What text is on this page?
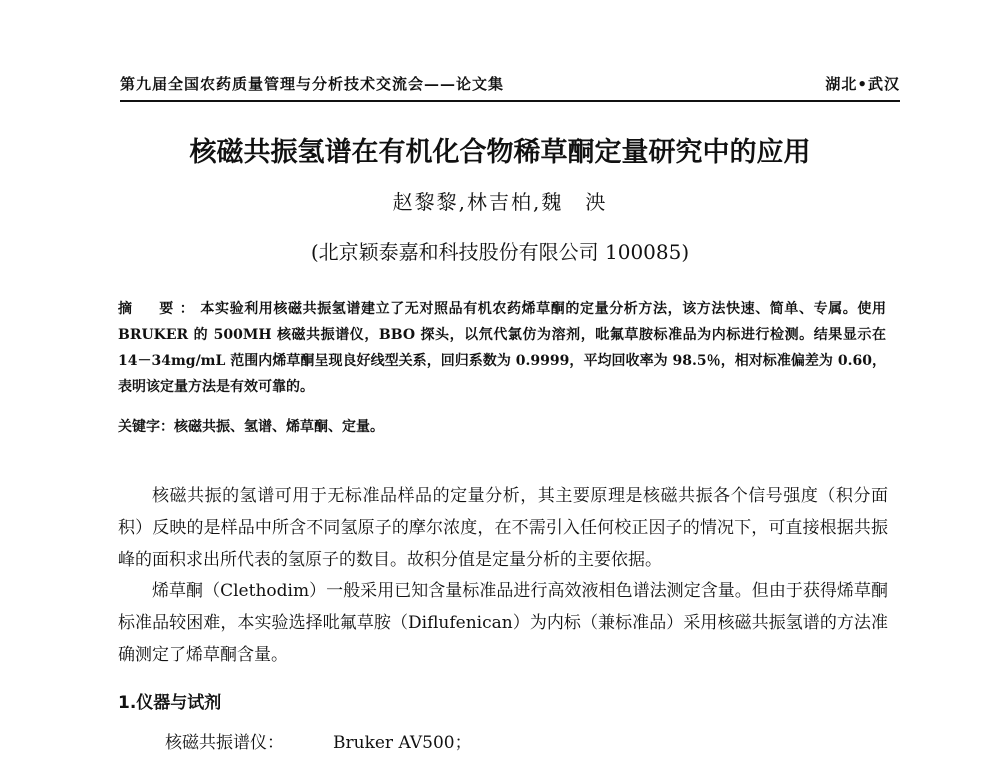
第九届全国农药质量管理与分析技术交流会——论文集	湖北•武汉
核磁共振氢谱在有机化合物稀草酮定量研究中的应用
赵黎黎,林吉柏,魏　泱
(北京颖泰嘉和科技股份有限公司 100085)
摘　要：本实验利用核磁共振氢谱建立了无对照品有机农药烯草酮的定量分析方法，该方法快速、简单、专属。使用 BRUKER 的 500MH 核磁共振谱仪，BBO 探头，以氘代氯仿为溶剂，吡氟草胺标准品为内标进行检测。结果显示在 14－34mg/mL 范围内烯草酮呈现良好线型关系，回归系数为 0.9999，平均回收率为 98.5％，相对标准偏差为 0.60，表明该定量方法是有效可靠的。
关键字：核磁共振、氢谱、烯草酮、定量。
核磁共振的氢谱可用于无标准品样品的定量分析，其主要原理是核磁共振各个信号强度（积分面积）反映的是样品中所含不同氢原子的摩尔浓度，在不需引入任何校正因子的情况下，可直接根据共振峰的面积求出所代表的氢原子的数目。故积分值是定量分析的主要依据。
烯草酮（Clethodim）一般采用已知含量标准品进行高效液相色谱法测定含量。但由于获得烯草酮标准品较困难，本实验选择吡氟草胺（Diflufenican）为内标（兼标准品）采用核磁共振氢谱的方法准确测定了烯草酮含量。
1.仪器与试剂
核磁共振谱仪：	Bruker AV500；
